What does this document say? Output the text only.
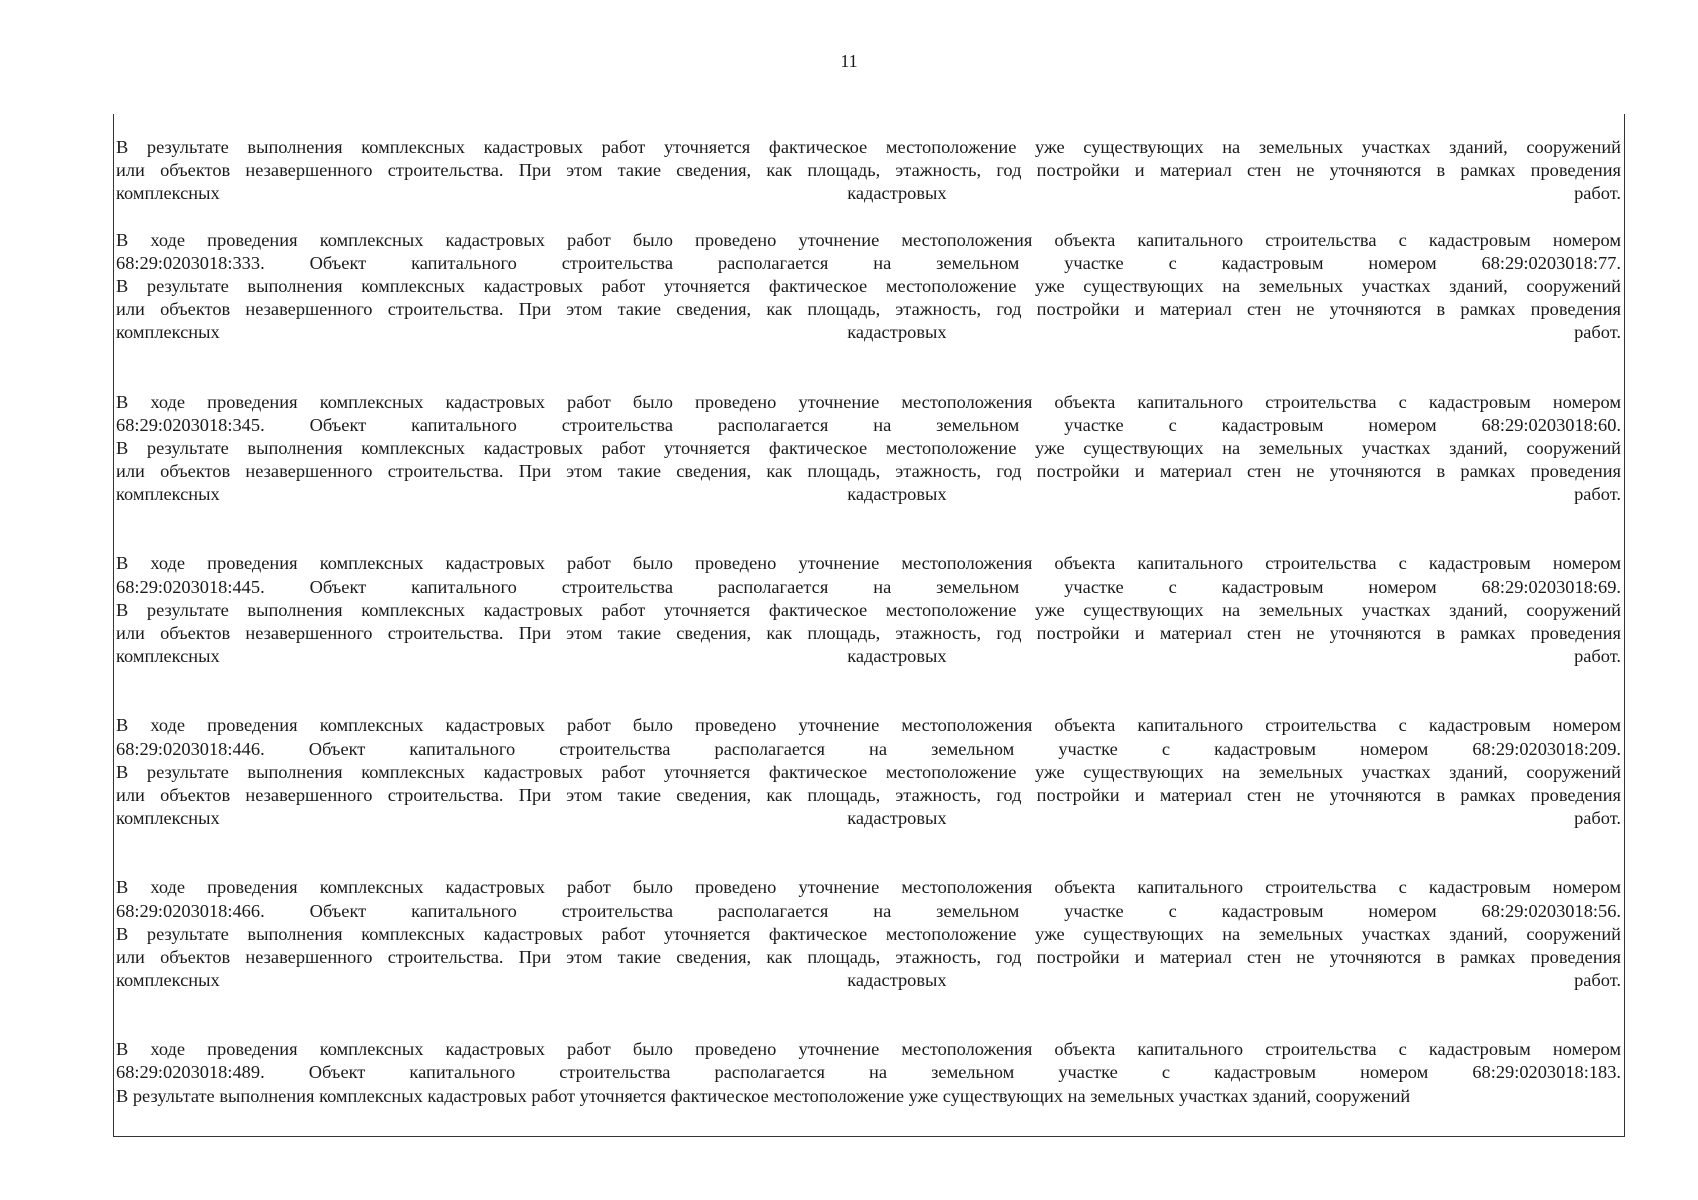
11
В результате выполнения комплексных кадастровых работ уточняется фактическое местоположение уже существующих на земельных участках зданий, сооружений
или объектов незавершенного строительства. При этом такие сведения, как площадь, этажность, год постройки и материал стен не уточняются в рамках проведения
комплексных кадастровых работ.
В ходе проведения комплексных кадастровых работ было проведено уточнение местоположения объекта капитального строительства с кадастровым номером
68:29:0203018:333. Объект капитального строительства располагается на земельном участке с кадастровым номером 68:29:0203018:77.
В результате выполнения комплексных кадастровых работ уточняется фактическое местоположение уже существующих на земельных участках зданий, сооружений
или объектов незавершенного строительства. При этом такие сведения, как площадь, этажность, год постройки и материал стен не уточняются в рамках проведения
комплексных кадастровых работ.
В ходе проведения комплексных кадастровых работ было проведено уточнение местоположения объекта капитального строительства с кадастровым номером
68:29:0203018:345. Объект капитального строительства располагается на земельном участке с кадастровым номером 68:29:0203018:60.
В результате выполнения комплексных кадастровых работ уточняется фактическое местоположение уже существующих на земельных участках зданий, сооружений
или объектов незавершенного строительства. При этом такие сведения, как площадь, этажность, год постройки и материал стен не уточняются в рамках проведения
комплексных кадастровых работ.
В ходе проведения комплексных кадастровых работ было проведено уточнение местоположения объекта капитального строительства с кадастровым номером
68:29:0203018:445. Объект капитального строительства располагается на земельном участке с кадастровым номером 68:29:0203018:69.
В результате выполнения комплексных кадастровых работ уточняется фактическое местоположение уже существующих на земельных участках зданий, сооружений
или объектов незавершенного строительства. При этом такие сведения, как площадь, этажность, год постройки и материал стен не уточняются в рамках проведения
комплексных кадастровых работ.
В ходе проведения комплексных кадастровых работ было проведено уточнение местоположения объекта капитального строительства с кадастровым номером
68:29:0203018:446. Объект капитального строительства располагается на земельном участке с кадастровым номером 68:29:0203018:209.
В результате выполнения комплексных кадастровых работ уточняется фактическое местоположение уже существующих на земельных участках зданий, сооружений
или объектов незавершенного строительства. При этом такие сведения, как площадь, этажность, год постройки и материал стен не уточняются в рамках проведения
комплексных кадастровых работ.
В ходе проведения комплексных кадастровых работ было проведено уточнение местоположения объекта капитального строительства с кадастровым номером
68:29:0203018:466. Объект капитального строительства располагается на земельном участке с кадастровым номером 68:29:0203018:56.
В результате выполнения комплексных кадастровых работ уточняется фактическое местоположение уже существующих на земельных участках зданий, сооружений
или объектов незавершенного строительства. При этом такие сведения, как площадь, этажность, год постройки и материал стен не уточняются в рамках проведения
комплексных кадастровых работ.
В ходе проведения комплексных кадастровых работ было проведено уточнение местоположения объекта капитального строительства с кадастровым номером
68:29:0203018:489. Объект капитального строительства располагается на земельном участке с кадастровым номером 68:29:0203018:183.
В результате выполнения комплексных кадастровых работ уточняется фактическое местоположение уже существующих на земельных участках зданий, сооружений
